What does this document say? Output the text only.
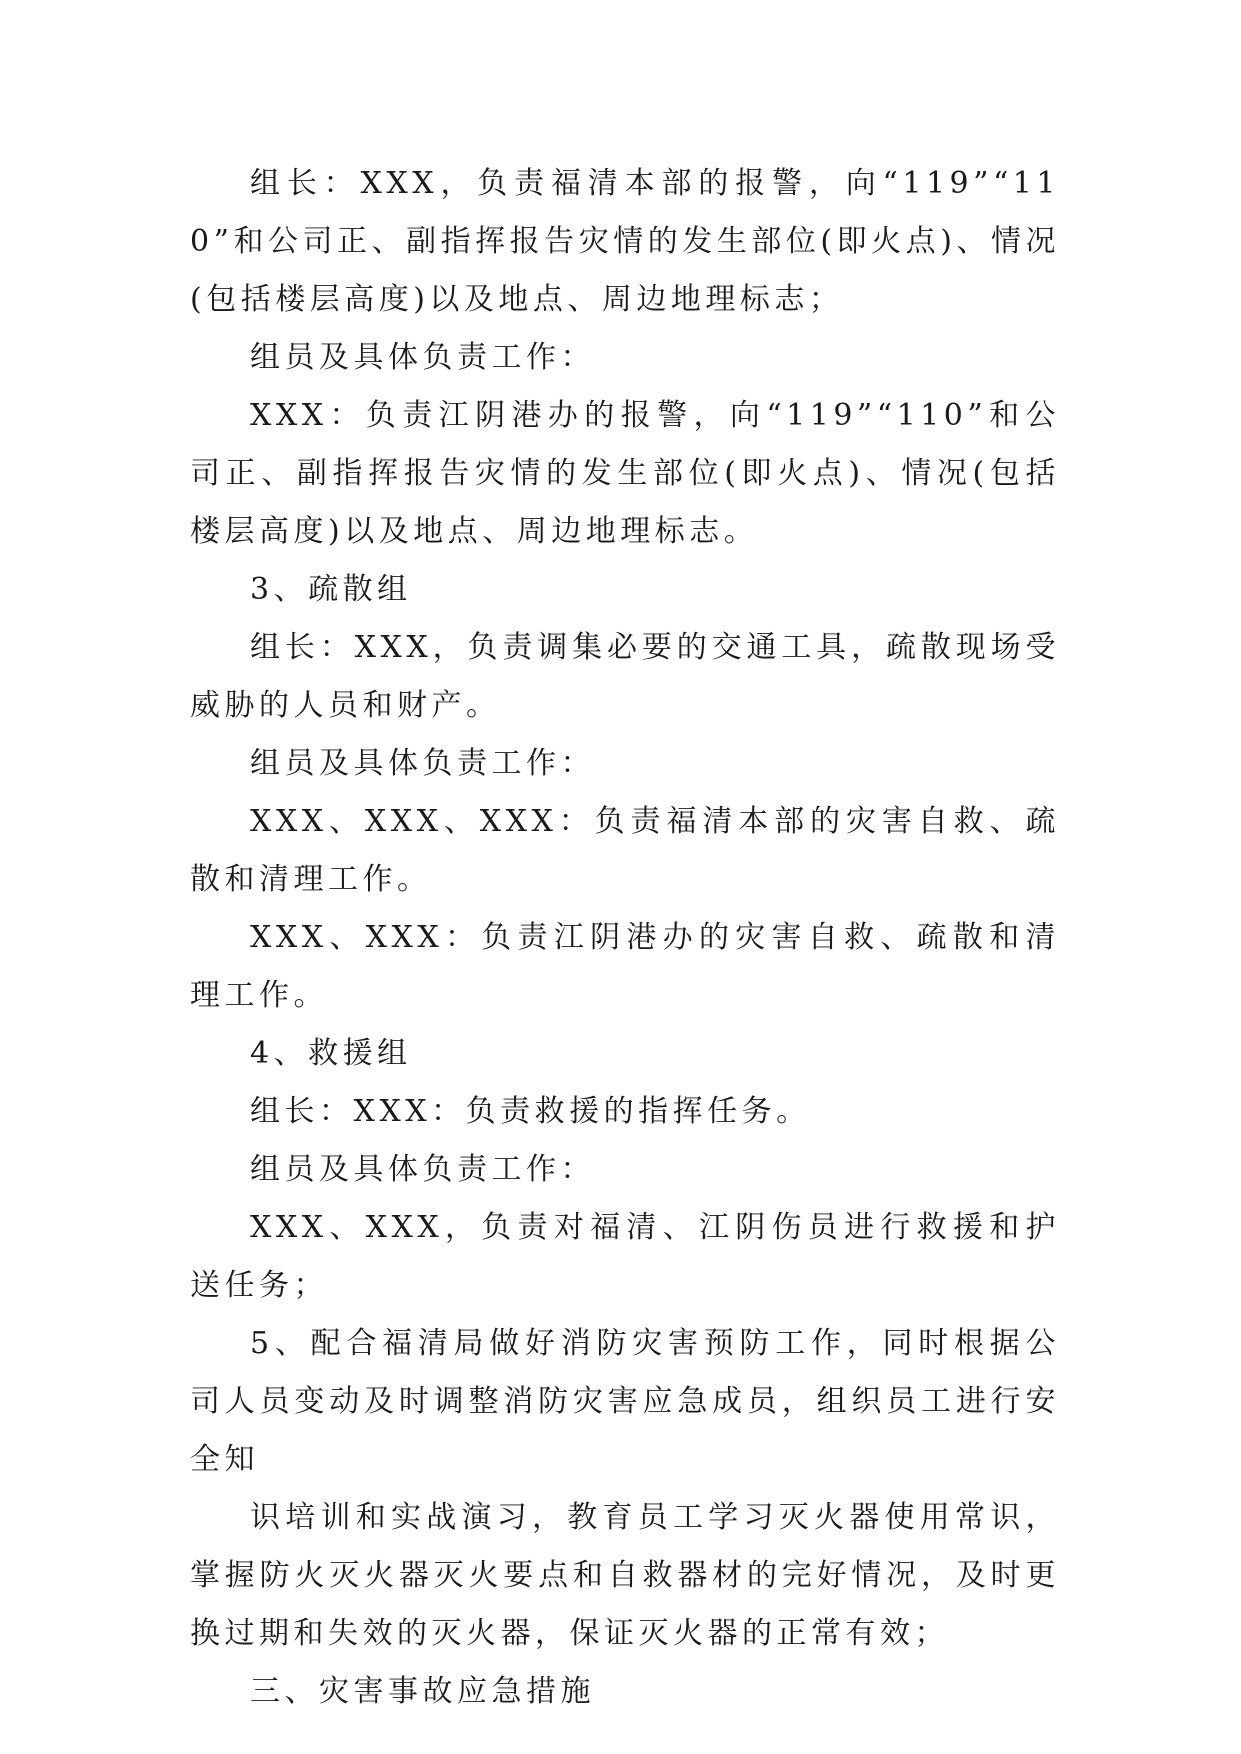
组长：XXX，负责福清本部的报警，向“119”“110”和公司正、副指挥报告灾情的发生部位(即火点)、情况(包括楼层高度)以及地点、周边地理标志；

组员及具体负责工作：

XXX：负责江阴港办的报警，向“119”“110”和公司正、副指挥报告灾情的发生部位(即火点)、情况(包括楼层高度)以及地点、周边地理标志。

3、疏散组

组长：XXX，负责调集必要的交通工具，疏散现场受威胁的人员和财产。

组员及具体负责工作：

XXX、XXX、XXX：负责福清本部的灾害自救、疏散和清理工作。

XXX、XXX：负责江阴港办的灾害自救、疏散和清理工作。

4、救援组

组长：XXX：负责救援的指挥任务。

组员及具体负责工作：

XXX、XXX，负责对福清、江阴伤员进行救援和护送任务；

5、配合福清局做好消防灾害预防工作，同时根据公司人员变动及时调整消防灾害应急成员，组织员工进行安全知

识培训和实战演习，教育员工学习灭火器使用常识，掌握防火灭火器灭火要点和自救器材的完好情况，及时更换过期和失效的灭火器，保证灭火器的正常有效；

三、灾害事故应急措施
